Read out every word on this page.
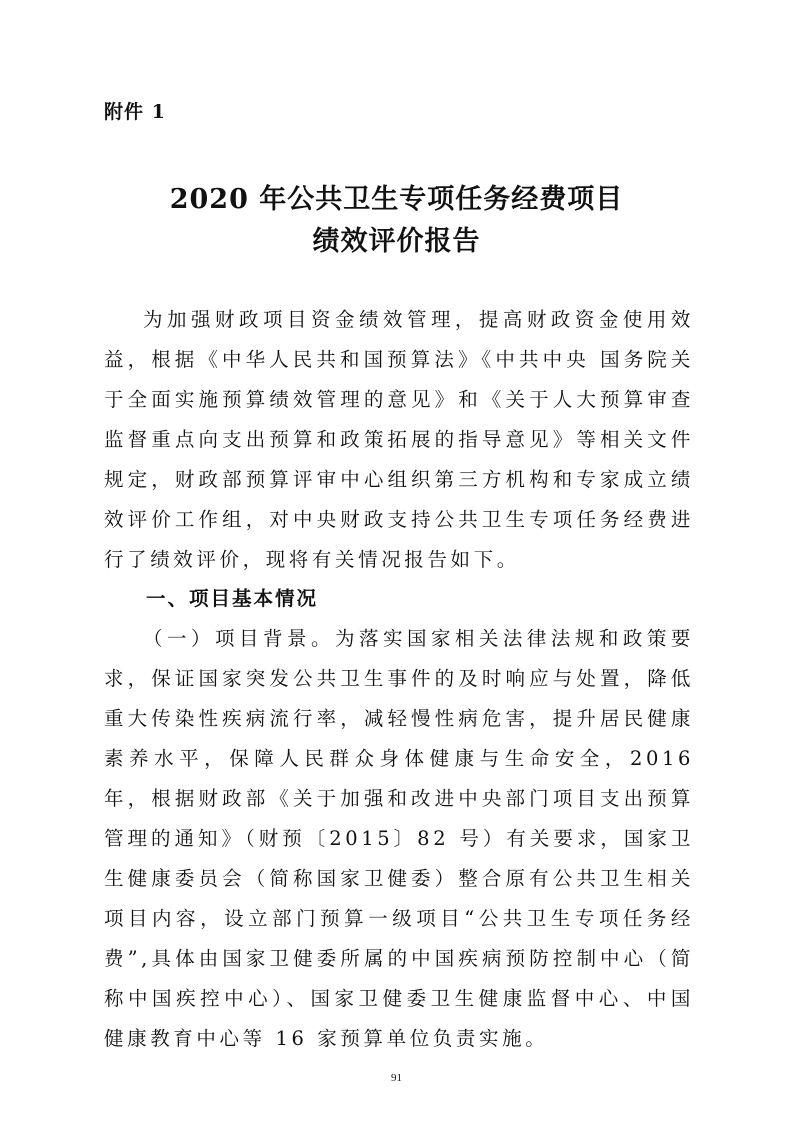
附件 1
2020 年公共卫生专项任务经费项目
绩效评价报告

为加强财政项目资金绩效管理，提高财政资金使用效益，根据《中华人民共和国预算法》《中共中央 国务院关于全面实施预算绩效管理的意见》和《关于人大预算审查监督重点向支出预算和政策拓展的指导意见》等相关文件规定，财政部预算评审中心组织第三方机构和专家成立绩效评价工作组，对中央财政支持公共卫生专项任务经费进行了绩效评价，现将有关情况报告如下。

一、项目基本情况

（一）项目背景。为落实国家相关法律法规和政策要求，保证国家突发公共卫生事件的及时响应与处置，降低重大传染性疾病流行率，减轻慢性病危害，提升居民健康素养水平，保障人民群众身体健康与生命安全，2016 年，根据财政部《关于加强和改进中央部门项目支出预算管理的通知》（财预〔2015〕82 号）有关要求，国家卫生健康委员会（简称国家卫健委）整合原有公共卫生相关项目内容，设立部门预算一级项目“公共卫生专项任务经费”,具体由国家卫健委所属的中国疾病预防控制中心（简称中国疾控中心）、国家卫健委卫生健康监督中心、中国健康教育中心等 16 家预算单位负责实施。

91
